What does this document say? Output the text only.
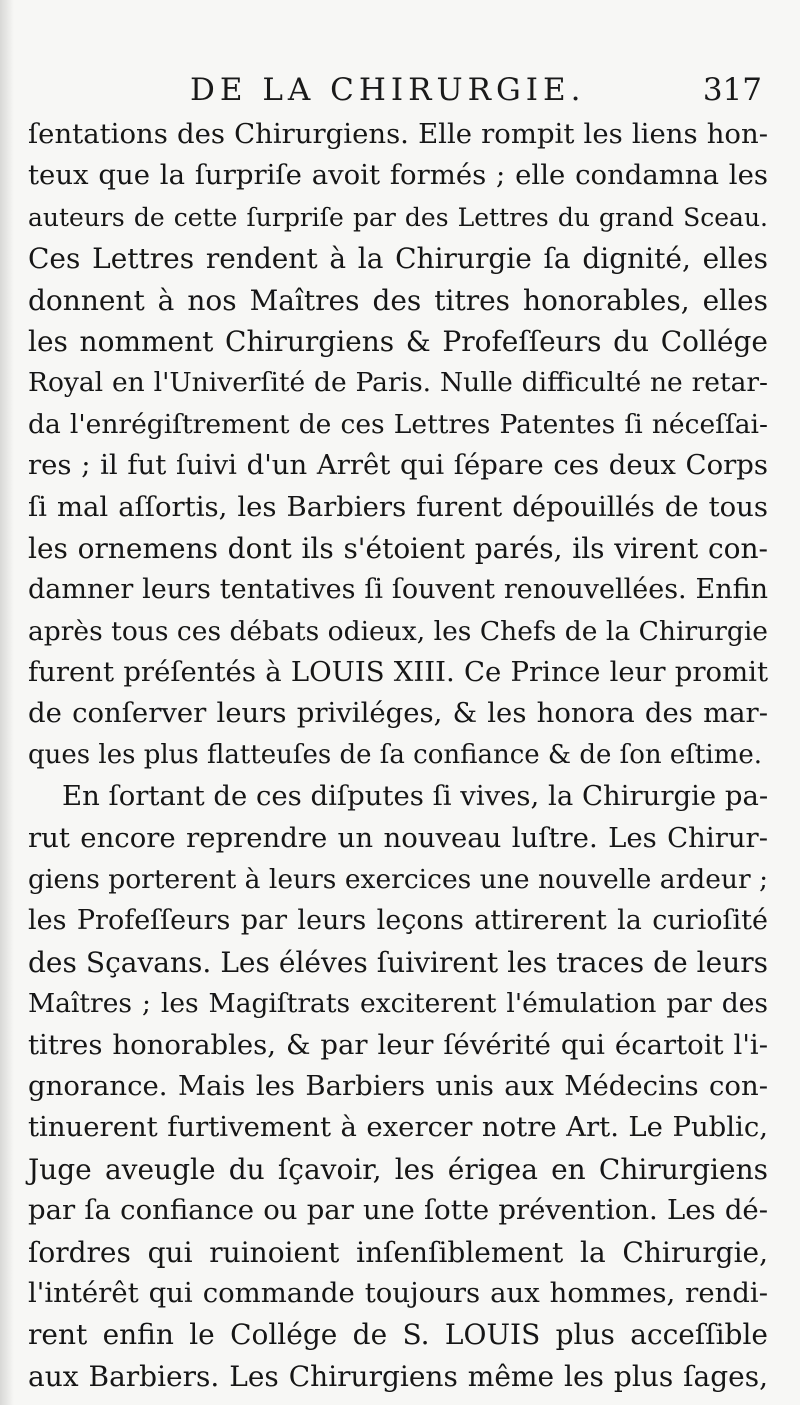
DE LA CHIRURGIE.	317
ſentations des Chirurgiens. Elle rompit les liens hon-
teux que la ſurpriſe avoit formés ; elle condamna les
auteurs de cette ſurpriſe par des Lettres du grand Sceau.
Ces Lettres rendent à la Chirurgie ſa dignité, elles
donnent à nos Maîtres des titres honorables, elles
les nomment Chirurgiens & Profeſſeurs du Collége
Royal en l'Univerſité de Paris. Nulle difficulté ne retar-
da l'enrégiſtrement de ces Lettres Patentes ſi néceſſai-
res ; il fut ſuivi d'un Arrêt qui ſépare ces deux Corps
ſi mal aſſortis, les Barbiers furent dépouillés de tous
les ornemens dont ils s'étoient parés, ils virent con-
damner leurs tentatives ſi ſouvent renouvellées. Enfin
après tous ces débats odieux, les Chefs de la Chirurgie
furent préſentés à LOUIS XIII. Ce Prince leur promit
de conſerver leurs priviléges, & les honora des mar-
ques les plus flatteuſes de ſa confiance & de ſon eſtime.
En ſortant de ces diſputes ſi vives, la Chirurgie pa-
rut encore reprendre un nouveau luſtre. Les Chirur-
giens porterent à leurs exercices une nouvelle ardeur ;
les Profeſſeurs par leurs leçons attirerent la curioſité
des Sçavans. Les éléves ſuivirent les traces de leurs
Maîtres ; les Magiſtrats exciterent l'émulation par des
titres honorables, & par leur ſévérité qui écartoit l'i-
gnorance. Mais les Barbiers unis aux Médecins con-
tinuerent furtivement à exercer notre Art. Le Public,
Juge aveugle du ſçavoir, les érigea en Chirurgiens
par ſa confiance ou par une ſotte prévention. Les dé-
ſordres qui ruinoient inſenſiblement la Chirurgie,
l'intérêt qui commande toujours aux hommes, rendi-
rent enfin le Collége de S. LOUIS plus acceſſible
aux Barbiers. Les Chirurgiens même les plus ſages,
